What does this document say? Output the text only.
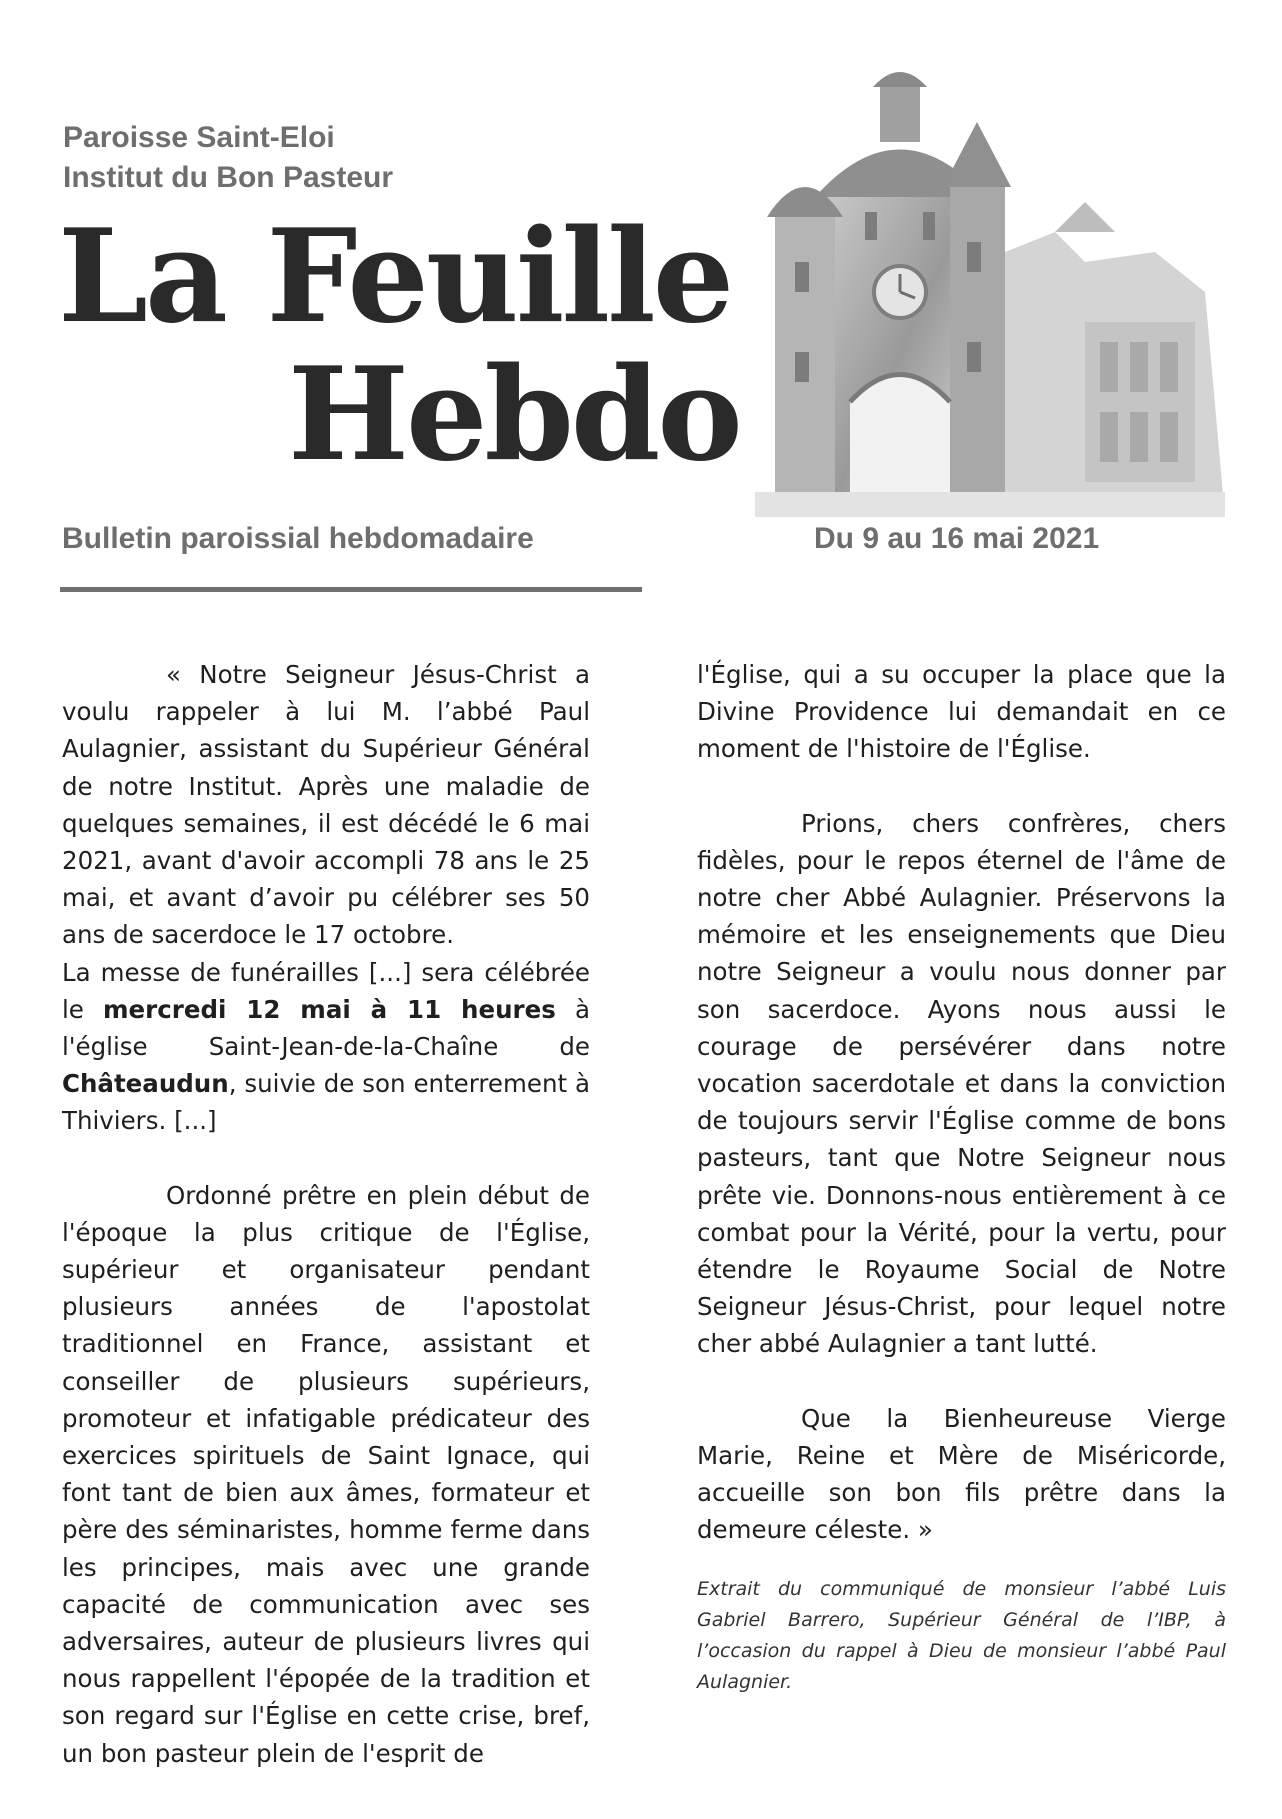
Paroisse Saint-Eloi
Institut du Bon Pasteur
La Feuille
Hebdo
Bulletin paroissial hebdomadaire	Du 9 au 16 mai 2021

« Notre Seigneur Jésus-Christ a voulu rappeler à lui M. l’abbé Paul Aulagnier, assistant du Supérieur Général de notre Institut. Après une maladie de quelques semaines, il est décédé le 6 mai 2021, avant d'avoir accompli 78 ans le 25 mai, et avant d’avoir pu célébrer ses 50 ans de sacerdoce le 17 octobre.

La messe de funérailles [...] sera célébrée le mercredi 12 mai à 11 heures à l'église Saint-Jean-de-la-Chaîne de Châteaudun, suivie de son enterrement à Thiviers. [...]

Ordonné prêtre en plein début de l'époque la plus critique de l'Église, supérieur et organisateur pendant plusieurs années de l'apostolat traditionnel en France, assistant et conseiller de plusieurs supérieurs, promoteur et infatigable prédicateur des exercices spirituels de Saint Ignace, qui font tant de bien aux âmes, formateur et père des séminaristes, homme ferme dans les principes, mais avec une grande capacité de communication avec ses adversaires, auteur de plusieurs livres qui nous rappellent l'épopée de la tradition et son regard sur l'Église en cette crise, bref, un bon pasteur plein de l'esprit de

l'Église, qui a su occuper la place que la Divine Providence lui demandait en ce moment de l'histoire de l'Église.

Prions, chers confrères, chers fidèles, pour le repos éternel de l'âme de notre cher Abbé Aulagnier. Préservons la mémoire et les enseignements que Dieu notre Seigneur a voulu nous donner par son sacerdoce. Ayons nous aussi le courage de persévérer dans notre vocation sacerdotale et dans la conviction de toujours servir l'Église comme de bons pasteurs, tant que Notre Seigneur nous prête vie. Donnons-nous entièrement à ce combat pour la Vérité, pour la vertu, pour étendre le Royaume Social de Notre Seigneur Jésus-Christ, pour lequel notre cher abbé Aulagnier a tant lutté.

Que la Bienheureuse Vierge Marie, Reine et Mère de Miséricorde, accueille son bon fils prêtre dans la demeure céleste. »

Extrait du communiqué de monsieur l’abbé Luis Gabriel Barrero, Supérieur Général de l’IBP, à l’occasion du rappel à Dieu de monsieur l’abbé Paul Aulagnier.
